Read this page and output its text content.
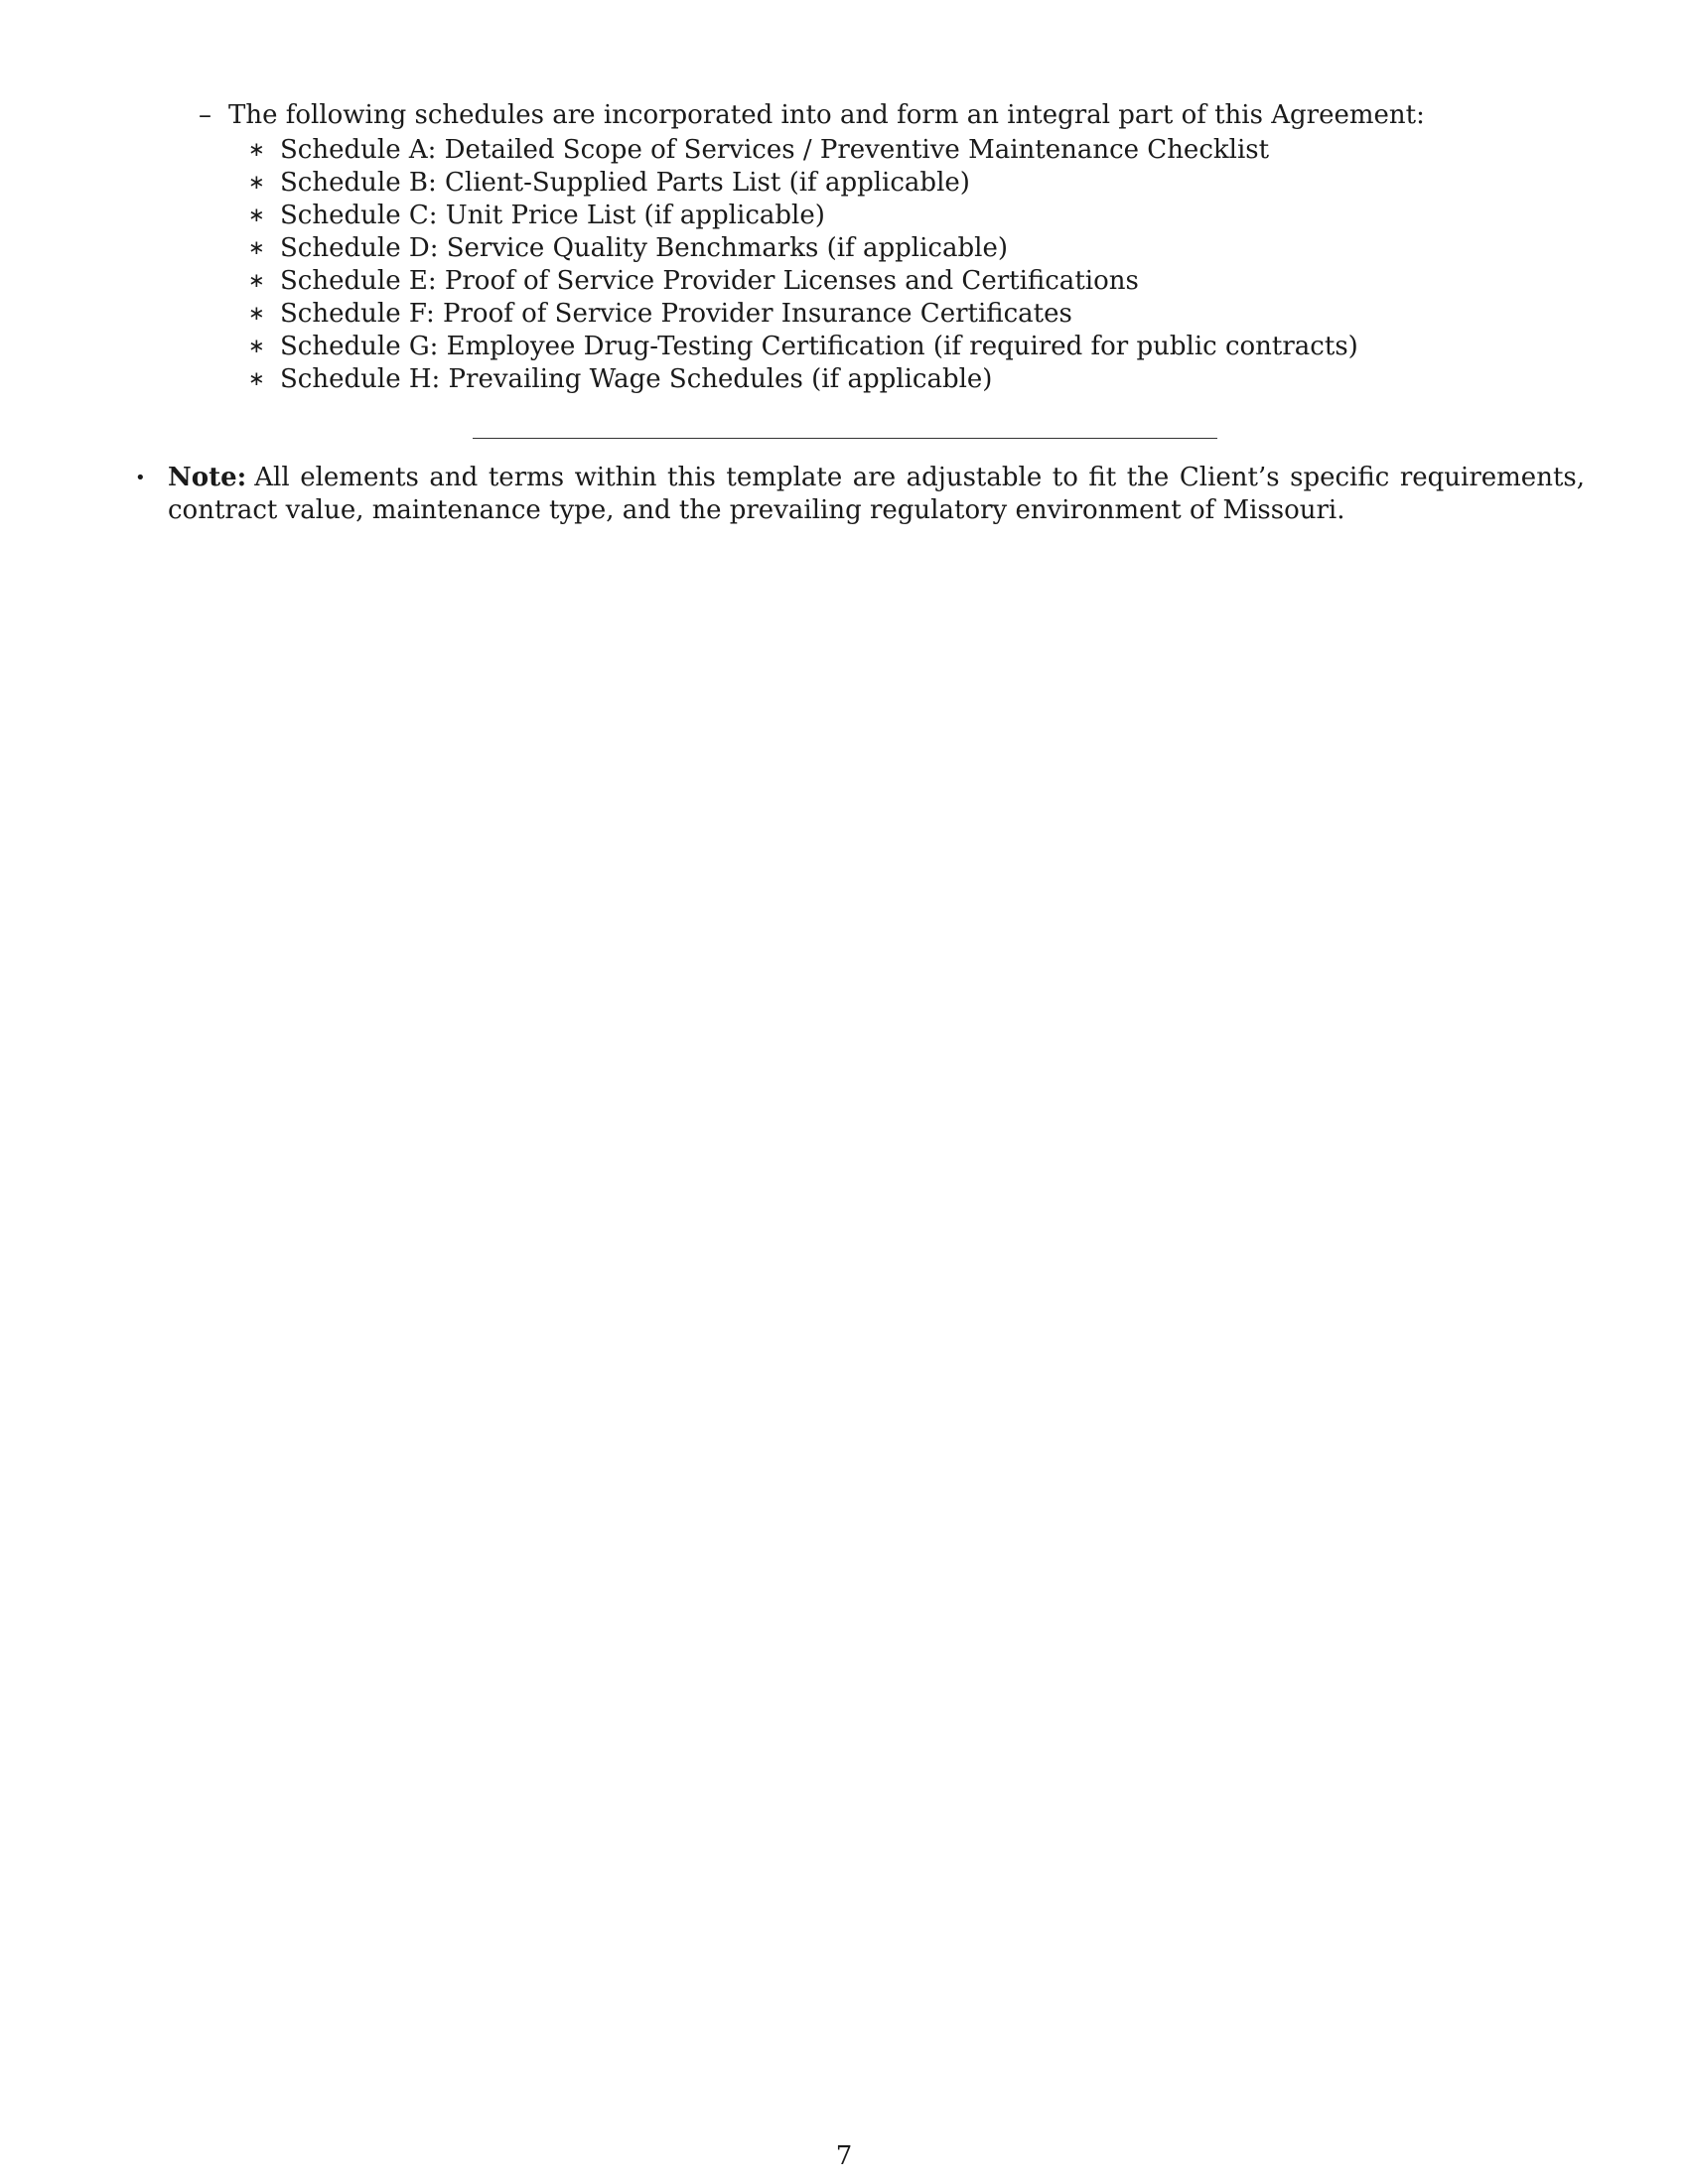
– The following schedules are incorporated into and form an integral part of this Agreement:
∗ Schedule A: Detailed Scope of Services / Preventive Maintenance Checklist
∗ Schedule B: Client-Supplied Parts List (if applicable)
∗ Schedule C: Unit Price List (if applicable)
∗ Schedule D: Service Quality Benchmarks (if applicable)
∗ Schedule E: Proof of Service Provider Licenses and Certifications
∗ Schedule F: Proof of Service Provider Insurance Certificates
∗ Schedule G: Employee Drug-Testing Certification (if required for public contracts)
∗ Schedule H: Prevailing Wage Schedules (if applicable)
• Note: All elements and terms within this template are adjustable to fit the Client’s specific requirements, contract value, maintenance type, and the prevailing regulatory environment of Missouri.
7
